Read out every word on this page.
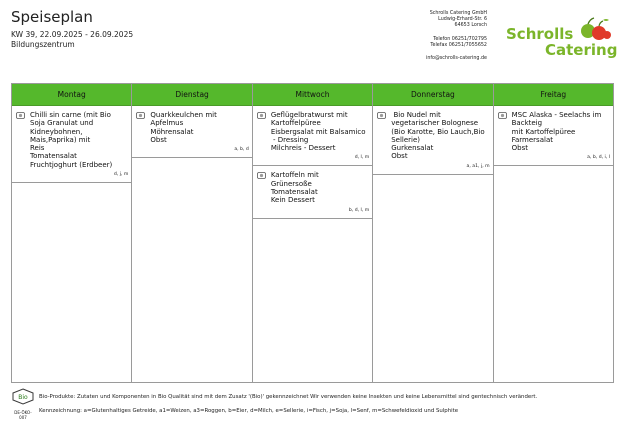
Speiseplan
KW 39, 22.09.2025 - 26.09.2025
Bildungszentrum
Schrolls Catering GmbH
Ludwig-Erhard-Str. 6
64653 Lorsch
Telefon 06251/702795
Telefax 06251/7055652
info@schrolls-catering.de
Schrolls
Catering
Montag
Chilli sin carne (mit Bio
Soja Granulat und
Kidneybohnen,
Mais,Paprika) mit
Reis
Tomatensalat
Fruchtjoghurt (Erdbeer)
d, j, m
Dienstag
Quarkkeulchen mit
Apfelmus
Möhrensalat
Obst
a, b, d
Mittwoch
Geflügelbratwurst mit
Kartoffelpüree
Eisbergsalat mit Balsamico
- Dressing
Milchreis - Dessert
d, l, m
Kartoffeln mit
Grünersoße
Tomatensalat
Kein Dessert
b, d, l, m
Donnerstag
Bio Nudel mit
vegetarischer Bolognese
(Bio Karotte, Bio Lauch,Bio
Sellerie)
Gurkensalat
Obst
a, a1, j, m
Freitag
MSC Alaska - Seelachs im
Backteig
mit Kartoffelpüree
Farmersalat
Obst
a, b, d, i, l
Bio
DE-ÖKO-007
Bio-Produkte: Zutaten und Komponenten in Bio Qualität sind mit dem Zusatz '(Bio)' gekennzeichnet Wir verwenden keine Insekten und keine Lebensmittel sind gentechnisch verändert.
Kennzeichnung: a=Glutenhaltiges Getreide, a1=Weizen, a3=Roggen, b=Eier, d=Milch, e=Sellerie, i=Fisch, j=Soja, l=Senf, m=Schwefeldioxid und Sulphite
